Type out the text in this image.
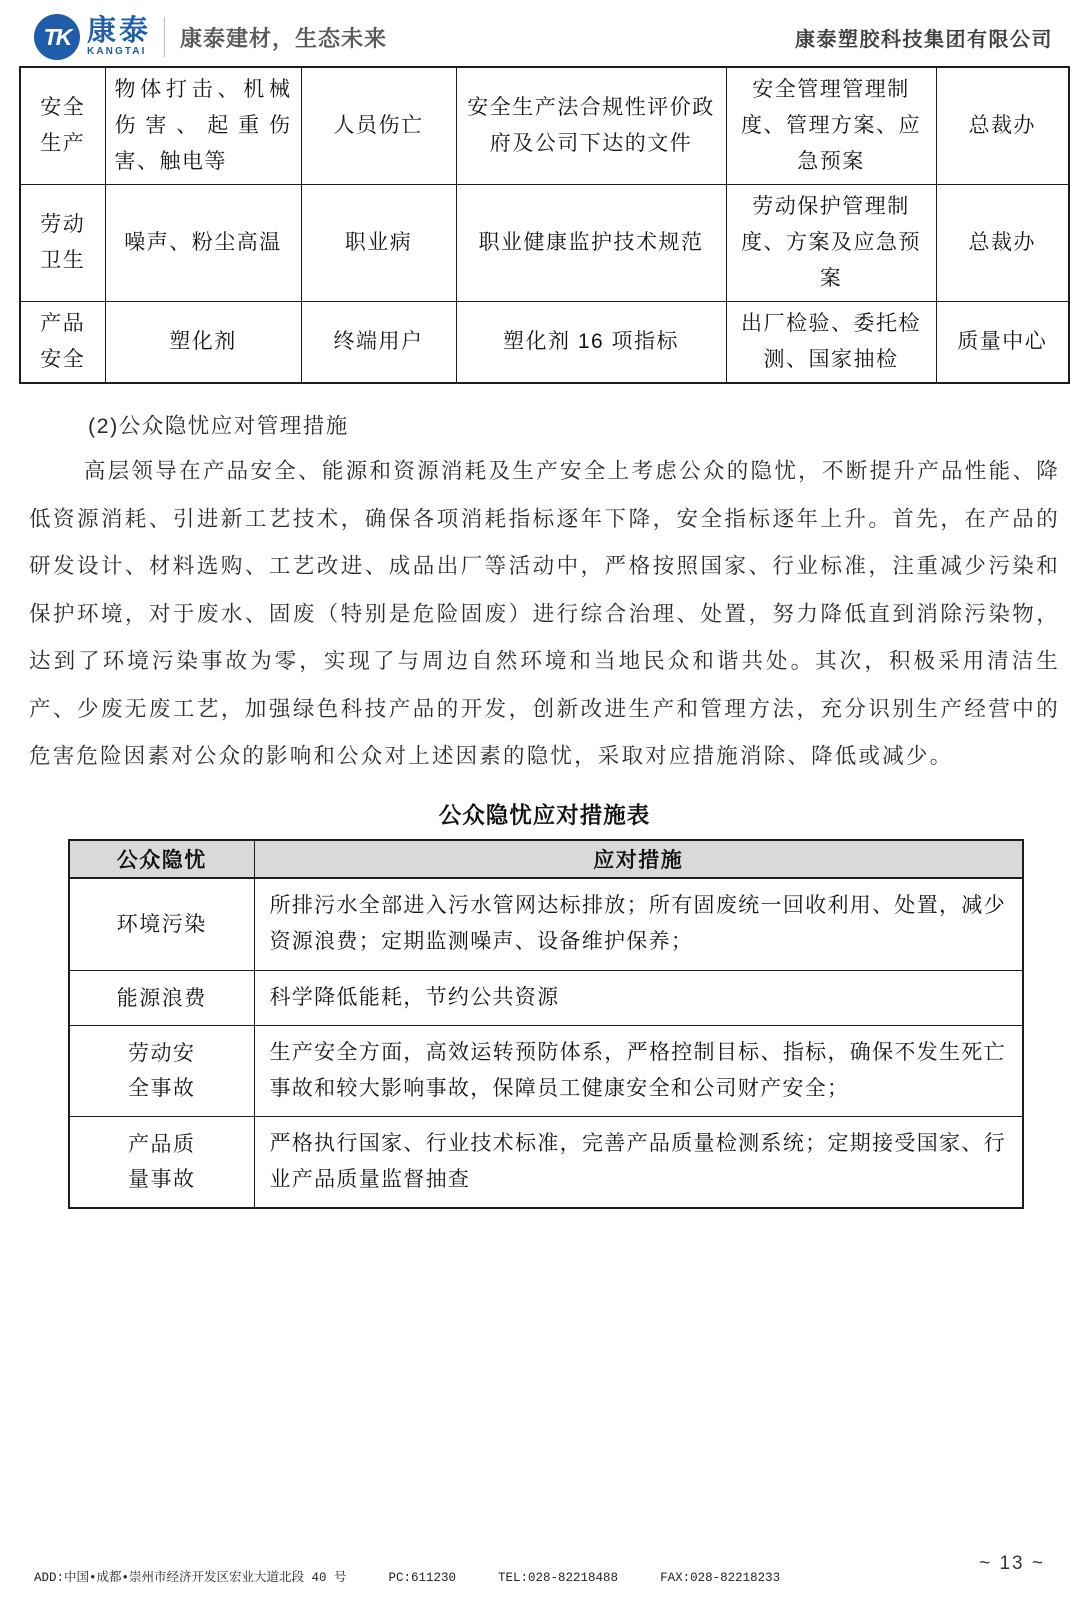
TK 康泰
KANGTAI
康泰建材，生态未来	康泰塑胶科技集团有限公司
安全 生产	物体打击、机械伤害、起重伤害、触电等	人员伤亡	安全生产法合规性评价政府及公司下达的文件	安全管理管理制度、管理方案、应急预案	总裁办
劳动 卫生	噪声、粉尘高温	职业病	职业健康监护技术规范	劳动保护管理制度、方案及应急预案	总裁办
产品 安全	塑化剂	终端用户	塑化剂 16 项指标	出厂检验、委托检测、国家抽检	质量中心
(2)公众隐忧应对管理措施

高层领导在产品安全、能源和资源消耗及生产安全上考虑公众的隐忧，不断提升产品性能、降低资源消耗、引进新工艺技术，确保各项消耗指标逐年下降，安全指标逐年上升。首先，在产品的研发设计、材料选购、工艺改进、成品出厂等活动中，严格按照国家、行业标准，注重减少污染和保护环境，对于废水、固废（特别是危险固废）进行综合治理、处置，努力降低直到消除污染物，达到了环境污染事故为零，实现了与周边自然环境和当地民众和谐共处。其次，积极采用清洁生产、少废无废工艺，加强绿色科技产品的开发，创新改进生产和管理方法，充分识别生产经营中的危害危险因素对公众的影响和公众对上述因素的隐忧，采取对应措施消除、降低或减少。

公众隐忧应对措施表
公众隐忧	应对措施
环境污染	所排污水全部进入污水管网达标排放；所有固废统一回收利用、处置，减少资源浪费；定期监测噪声、设备维护保养；
能源浪费	科学降低能耗，节约公共资源
劳动安全事故	生产安全方面，高效运转预防体系，严格控制目标、指标，确保不发生死亡事故和较大影响事故，保障员工健康安全和公司财产安全；
产品质量事故	严格执行国家、行业技术标准，完善产品质量检测系统；定期接受国家、行业产品质量监督抽查
ADD:中国•成都•崇州市经济开发区宏业大道北段 40 号	PC:611230	TEL:028-82218488	FAX:028-82218233
~ 13 ~
